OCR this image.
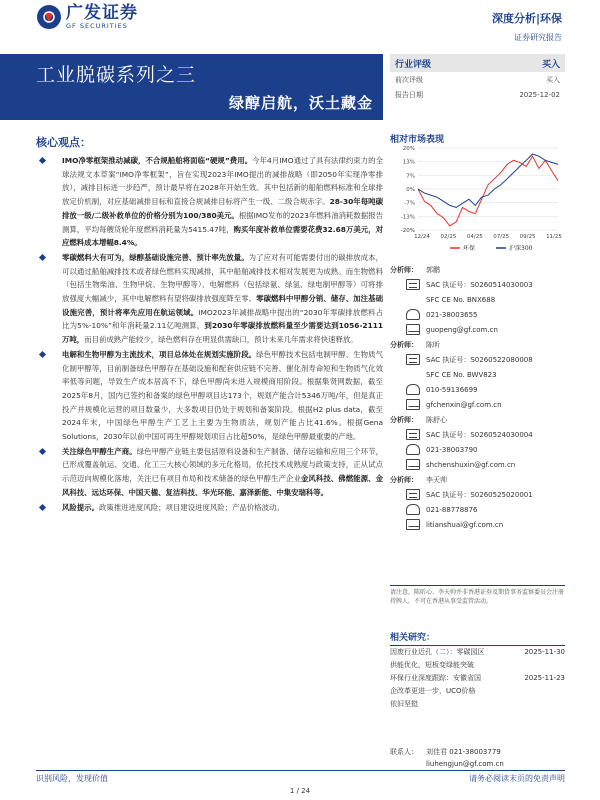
广发证券
GF SECURITIES
深度分析|环保
证券研究报告
工业脱碳系列之三
绿醇启航，沃土藏金
行业评级	买入
前次评级	买入
报告日期	2025-12-02
核心观点：
IMO净零框架推动减碳，不合规船舶将面临“硬规”费用。今年4月IMO通过了具有法律约束力的全球法规文本草案“IMO净零框架”，旨在实现2023年IMO提出的减排战略（即2050年实现净零排放），减排目标进一步趋严，预计最早将在2028年开始生效。其中包括新的船舶燃料标准和全球排放定价机制，对应基础减排目标和直接合规减排目标将产生一级、二级合规赤字。28-30年每吨碳排放一级/二级补救单位的价格分别为100/380美元。根据IMO发布的2023年燃料油消耗数据报告测算，平均每艘货轮年度燃料消耗量为5415.47吨，购买年度补救单位需要花费32.68万美元，对应燃料成本增幅8.4%。
零碳燃料大有可为，绿醇基础设施完善、预计率先放量。为了应对有可能需要付出的碳排放成本，可以通过船舶减排技术或者绿色燃料实现减排，其中船舶减排技术相对发展更为成熟。而生物燃料（包括生物柴油、生物甲烷、生物甲醇等）、电解燃料（包括绿氨、绿氢、绿电制甲醇等）可将排放强度大幅减少，其中电解燃料有望将碳排放强度降至零。零碳燃料中甲醇分销、储存、加注基础设施完善，预计将率先应用在航运领域。IMO2023年减排战略中提出的“2030年零碳排放燃料占比为5%-10%”和年消耗量2.11亿吨测算，到2030年零碳排放燃料量至少需要达到1056-2111万吨，而目前成熟产能较少，绿色燃料存在明显供需缺口，预计未来几年需求将快速释放。
电解和生物甲醇为主流技术，项目总体处在规划实施阶段。绿色甲醇技术包括电制甲醇、生物质气化制甲醇等，目前制备绿色甲醇存在基础设施和配套供应链不完善、催化剂寿命短和生物质气化效率低等问题，导致生产成本居高不下，绿色甲醇尚未进入规模商用阶段。根据集贤网数据，截至2025年8月，国内已签约和备案的绿色甲醇项目达173个，规划产能合计5346万吨/年，但是真正投产并规模化运营的项目数量少，大多数项目仍处于规划和备案阶段。根据H2 plus data，截至2024年末，中国绿色甲醇生产工艺上主要为生物质法，规划产能占比41.6%。根据Gena Solutions，2030年以前中国可再生甲醇规划项目占比超50%，是绿色甲醇最重要的产地。
关注绿色甲醇生产商。绿色甲醇产业链主要包括原料设备和生产制备、储存运输和应用三个环节，已形成覆盖航运、交通、化工三大核心领域的多元化格局，依托技术成熟度与政策支持，正从试点示范迈向规模化落地，关注已有项目布局和技术储备的绿色甲醇生产企业金风科技、佛燃能源、金风科技、远达环保、中国天楹、复洁科技、华光环能、嘉泽新能、中集安瑞科等。
风险提示。政策推进进度风险；项目建设进度风险；产品价格波动。
相对市场表现
20%
13%
7%
0%
-7%
-13%
-20%
12/24 02/25 04/25 07/25 09/25 11/25
环保	沪深300
分析师：	郭鹏
SAC 执证号：S0260514030003
SFC CE No. BNX688
021-38003655
guopeng@gf.com.cn
分析师：	陈昕
SAC 执证号：S0260522080008
SFC CE No. BWV823
010-59136699
gfchenxin@gf.com.cn
分析师：	陈舒心
SAC 执证号：S0260524030004
021-38003790
shchenshuxin@gf.com.cn
分析师：	李天帅
SAC 执证号：S0260525020001
021-88778876
litianshuai@gf.com.cn
请注意，陈昕心、李天帅并非香港证券及期货事务监察委员会注册持牌人，不可在香港从事受监管活动。
相关研究：
因废行业近孔（二）：零碳园区	2025-11-30
供能优化，短板变绿能突破
环保行业深度跟踪：安徽省国	2025-11-23
企改革更进一步，UCO价格
依旧坚挺
联系人： 刘佳君
021-38003779
liuhengjun@gf.com.cn
识别风险，发现价值	请务必阅读末页的免责声明
1 / 24
